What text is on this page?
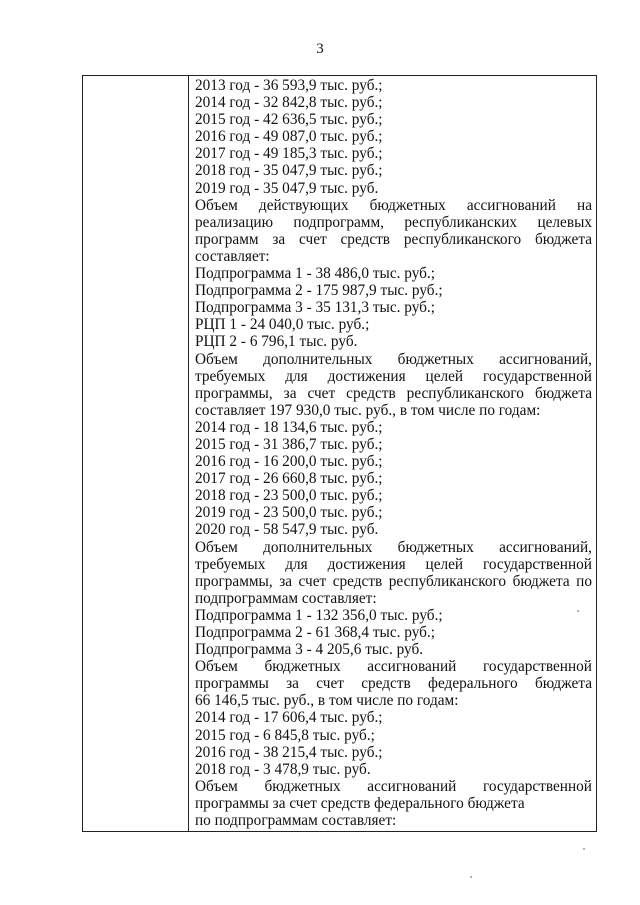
3
2013 год - 36 593,9 тыс. руб.;
2014 год - 32 842,8 тыс. руб.;
2015 год - 42 636,5 тыс. руб.;
2016 год - 49 087,0 тыс. руб.;
2017 год - 49 185,3 тыс. руб.;
2018 год - 35 047,9 тыс. руб.;
2019 год - 35 047,9 тыс. руб.
Объем действующих бюджетных ассигнований на
реализацию подпрограмм, республиканских целевых
программ за счет средств республиканского бюджета
составляет:
Подпрограмма 1 - 38 486,0 тыс. руб.;
Подпрограмма 2 - 175 987,9 тыс. руб.;
Подпрограмма 3 - 35 131,3 тыс. руб.;
РЦП 1 - 24 040,0 тыс. руб.;
РЦП 2 - 6 796,1 тыс. руб.
Объем дополнительных бюджетных ассигнований,
требуемых для достижения целей государственной
программы, за счет средств республиканского бюджета
составляет 197 930,0 тыс. руб., в том числе по годам:
2014 год - 18 134,6 тыс. руб.;
2015 год - 31 386,7 тыс. руб.;
2016 год - 16 200,0 тыс. руб.;
2017 год - 26 660,8 тыс. руб.;
2018 год - 23 500,0 тыс. руб.;
2019 год - 23 500,0 тыс. руб.;
2020 год - 58 547,9 тыс. руб.
Объем дополнительных бюджетных ассигнований,
требуемых для достижения целей государственной
программы, за счет средств республиканского бюджета по
подпрограммам составляет:
Подпрограмма 1 - 132 356,0 тыс. руб.;
Подпрограмма 2 - 61 368,4 тыс. руб.;
Подпрограмма 3 - 4 205,6 тыс. руб.
Объем бюджетных ассигнований государственной
программы за счет средств федерального бюджета
66 146,5 тыс. руб., в том числе по годам:
2014 год - 17 606,4 тыс. руб.;
2015 год - 6 845,8 тыс. руб.;
2016 год - 38 215,4 тыс. руб.;
2018 год - 3 478,9 тыс. руб.
Объем бюджетных ассигнований государственной
программы за счет средств федерального бюджета
по подпрограммам составляет:
